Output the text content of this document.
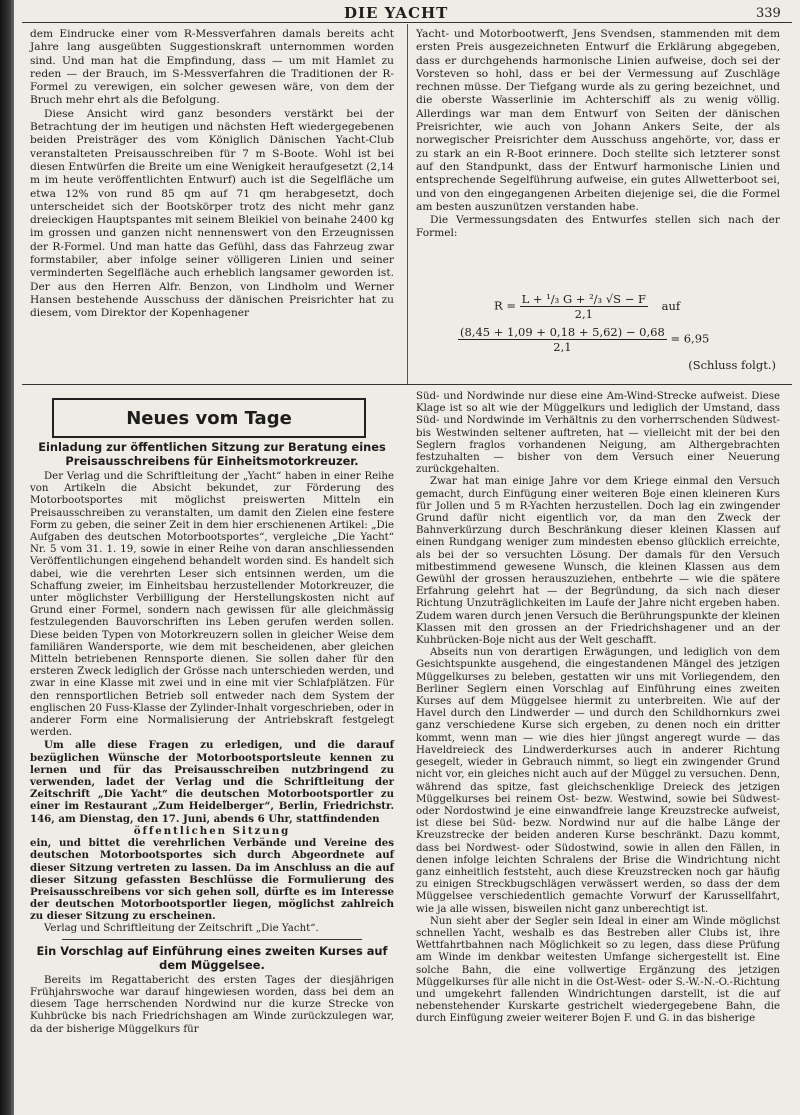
DIE YACHT	339

dem Eindrucke einer vom R-Messverfahren damals bereits acht Jahre lang ausgeübten Suggestionskraft unternommen worden sind. Und man hat die Empfindung, dass — um mit Hamlet zu reden — der Brauch, im S-Messverfahren die Traditionen der R-Formel zu verewigen, ein solcher gewesen wäre, von dem der Bruch mehr ehrt als die Befolgung.

Diese Ansicht wird ganz besonders verstärkt bei der Betrachtung der im heutigen und nächsten Heft wiedergegebenen beiden Preisträger des vom Königlich Dänischen Yacht-Club veranstalteten Preisausschreiben für 7 m S-Boote. Wohl ist bei diesen Entwürfen die Breite um eine Wenigkeit heraufgesetzt (2,14 m im heute veröffentlichten Entwurf) auch ist die Segelfläche um etwa 12% von rund 85 qm auf 71 qm herabgesetzt, doch unterscheidet sich der Bootskörper trotz des nicht mehr ganz dreieckigen Hauptspantes mit seinem Bleikiel von beinahe 2400 kg im grossen und ganzen nicht nennenswert von den Erzeugnissen der R-Formel. Und man hatte das Gefühl, dass das Fahrzeug zwar formstabiler, aber infolge seiner völligeren Linien und seiner verminderten Segelfläche auch erheblich langsamer geworden ist. Der aus den Herren Alfr. Benzon, von Lindholm und Werner Hansen bestehende Ausschuss der dänischen Preisrichter hat zu diesem, vom Direktor der Kopenhagener

Yacht- und Motorbootwerft, Jens Svendsen, stammenden mit dem ersten Preis ausgezeichneten Entwurf die Erklärung abgegeben, dass er durchgehends harmonische Linien aufweise, doch sei der Vorsteven so hohl, dass er bei der Vermessung auf Zuschläge rechnen müsse. Der Tiefgang wurde als zu gering bezeichnet, und die oberste Wasserlinie im Achterschiff als zu wenig völlig. Allerdings war man dem Entwurf von Seiten der dänischen Preisrichter, wie auch von Johann Ankers Seite, der als norwegischer Preisrichter dem Ausschuss angehörte, vor, dass er zu stark an ein R-Boot erinnere. Doch stellte sich letzterer sonst auf den Standpunkt, dass der Entwurf harmonische Linien und entsprechende Segelführung aufweise, ein gutes Allwetterboot sei, und von den eingegangenen Arbeiten diejenige sei, die die Formel am besten auszunützen verstanden habe.

Die Vermessungsdaten des Entwurfes stellen sich nach der Formel:

$R = \frac{\text{L + ¹/₃ G + ²/₃ √S − F}}{2,1}$ auf
$\frac{(8,45 + 1,09 + 0,18 + 5,62) - 0,68}{2,1} = 6,95$
(Schluss folgt.)
Neues vom Tage
Einladung zur öffentlichen Sitzung zur Beratung eines Preisausschreibens für Einheitsmotorkreuzer.

Der Verlag und die Schriftleitung der „Yacht“ haben in einer Reihe von Artikeln die Absicht bekundet, zur Förderung des Motorbootsportes mit möglichst preiswerten Mitteln ein Preisausschreiben zu veranstalten, um damit den Zielen eine festere Form zu geben, die seiner Zeit in dem hier erschienenen Artikel: „Die Aufgaben des deutschen Motorbootsportes“, vergleiche „Die Yacht“ Nr. 5 vom 31. 1. 19, sowie in einer Reihe von daran anschliessenden Veröffentlichungen eingehend behandelt worden sind. Es handelt sich dabei, wie die verehrten Leser sich entsinnen werden, um die Schaffung zweier, im Einheitsbau herzustellender Motorkreuzer, die unter möglichster Verbilligung der Herstellungskosten nicht auf Grund einer Formel, sondern nach gewissen für alle gleichmässig festzulegenden Bauvorschriften ins Leben gerufen werden sollen. Diese beiden Typen von Motorkreuzern sollen in gleicher Weise dem familiären Wandersporte, wie dem mit bescheidenen, aber gleichen Mitteln betriebenen Rennsporte dienen. Sie sollen daher für den ersteren Zweck lediglich der Grösse nach unterschieden werden, und zwar in eine Klasse mit zwei und in eine mit vier Schlafplätzen. Für den rennsportlichen Betrieb soll entweder nach dem System der englischen 20 Fuss-Klasse der Zylinder-Inhalt vorgeschrieben, oder in anderer Form eine Normalisierung der Antriebskraft festgelegt werden.

Um alle diese Fragen zu erledigen, und die darauf bezüglichen Wünsche der Motorbootsportsleute kennen zu lernen und für das Preisausschreiben nutzbringend zu verwenden, ladet der Verlag und die Schriftleitung der Zeitschrift „Die Yacht“ die deutschen Motorbootsportler zu einer im Restaurant „Zum Heidelberger“, Berlin, Friedrichstr. 146, am Dienstag, den 17. Juni, abends 6 Uhr, stattfindenden

öffentlichen Sitzung

ein, und bittet die verehrlichen Verbände und Vereine des deutschen Motorbootsportes sich durch Abgeordnete auf dieser Sitzung vertreten zu lassen. Da im Anschluss an die auf dieser Sitzung gefassten Beschlüsse die Formulierung des Preisausschreibens vor sich gehen soll, dürfte es im Interesse der deutschen Motorbootsportler liegen, möglichst zahlreich zu dieser Sitzung zu erscheinen.

Verlag und Schriftleitung der Zeitschrift „Die Yacht“.

Ein Vorschlag auf Einführung eines zweiten Kurses auf dem Müggelsee.

Bereits im Regattabericht des ersten Tages der diesjährigen Frühjahrswoche war darauf hingewiesen worden, dass bei dem an diesem Tage herrschenden Nordwind nur die kurze Strecke von Kuhbrücke bis nach Friedrichshagen am Winde zurückzulegen war, da der bisherige Müggelkurs für

Süd- und Nordwinde nur diese eine Am-Wind-Strecke aufweist. Diese Klage ist so alt wie der Müggelkurs und lediglich der Umstand, dass Süd- und Nordwinde im Verhältnis zu den vorherrschenden Südwest- bis Westwinden seltener auftreten, hat — vielleicht mit der bei den Seglern fraglos vorhandenen Neigung, am Althergebrachten festzuhalten — bisher von dem Versuch einer Neuerung zurückgehalten.

Zwar hat man einige Jahre vor dem Kriege einmal den Versuch gemacht, durch Einfügung einer weiteren Boje einen kleineren Kurs für Jollen und 5 m R-Yachten herzustellen. Doch lag ein zwingender Grund dafür nicht eigentlich vor, da man den Zweck der Bahnverkürzung durch Beschränkung dieser kleinen Klassen auf einen Rundgang weniger zum mindesten ebenso glücklich erreichte, als bei der so versuchten Lösung. Der damals für den Versuch mitbestimmend gewesene Wunsch, die kleinen Klassen aus dem Gewühl der grossen herauszuziehen, entbehrte — wie die spätere Erfahrung gelehrt hat — der Begründung, da sich nach dieser Richtung Unzuträglichkeiten im Laufe der Jahre nicht ergeben haben. Zudem waren durch jenen Versuch die Berührungspunkte der kleinen Klassen mit den grossen an der Friedrichshagener und an der Kuhbrücken-Boje nicht aus der Welt geschafft.

Abseits nun von derartigen Erwägungen, und lediglich von dem Gesichtspunkte ausgehend, die eingestandenen Mängel des jetzigen Müggelkurses zu beleben, gestatten wir uns mit Vorliegendem, den Berliner Seglern einen Vorschlag auf Einführung eines zweiten Kurses auf dem Müggelsee hiermit zu unterbreiten. Wie auf der Havel durch den Lindwerder — und durch den Schildhornkurs zwei ganz verschiedene Kurse sich ergeben, zu denen noch ein dritter kommt, wenn man — wie dies hier jüngst angeregt wurde — das Haveldreieck des Lindwerderkurses auch in anderer Richtung gesegelt, wieder in Gebrauch nimmt, so liegt ein zwingender Grund nicht vor, ein gleiches nicht auch auf der Müggel zu versuchen. Denn, während das spitze, fast gleichschenklige Dreieck des jetzigen Müggelkurses bei reinem Ost- bezw. Westwind, sowie bei Südwest- oder Nordostwind je eine einwandfreie lange Kreuzstrecke aufweist, ist diese bei Süd- bezw. Nordwind nur auf die halbe Länge der Kreuzstrecke der beiden anderen Kurse beschränkt. Dazu kommt, dass bei Nordwest- oder Südostwind, sowie in allen den Fällen, in denen infolge leichten Schralens der Brise die Windrichtung nicht ganz einheitlich feststeht, auch diese Kreuzstrecken noch gar häufig zu einigen Streckbugschlägen verwässert werden, so dass der dem Müggelsee verschiedentlich gemachte Vorwurf der Karussellfahrt, wie ja alle wissen, bisweilen nicht ganz unberechtigt ist.

Nun sieht aber der Segler sein Ideal in einer am Winde möglichst schnellen Yacht, weshalb es das Bestreben aller Clubs ist, ihre Wettfahrtbahnen nach Möglichkeit so zu legen, dass diese Prüfung am Winde im denkbar weitesten Umfange sichergestellt ist. Eine solche Bahn, die eine vollwertige Ergänzung des jetzigen Müggelkurses für alle nicht in die Ost-West- oder S.-W.-N.-O.-Richtung und umgekehrt fallenden Windrichtungen darstellt, ist die auf nebenstehender Kurskarte gestrichelt wiedergegebene Bahn, die durch Einfügung zweier weiterer Bojen F. und G. in das bisherige
